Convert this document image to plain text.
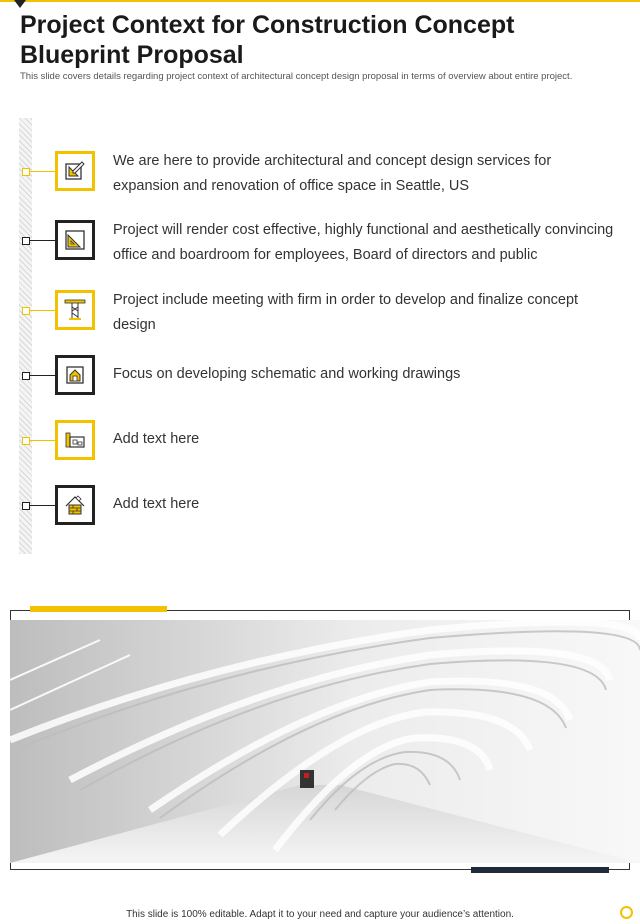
Project Context for Construction Concept Blueprint Proposal

This slide covers details regarding project context of architectural concept design proposal in terms of overview about entire project.

We are here to provide architectural and concept design services for expansion and renovation of office space in Seattle, US

Project will render cost effective, highly functional and aesthetically convincing office and boardroom for employees, Board of directors and public

Project include meeting with firm in order to develop and finalize concept design

Focus on developing schematic and working drawings

Add text here

Add text here

This slide is 100% editable. Adapt it to your need and capture your audience’s attention.
